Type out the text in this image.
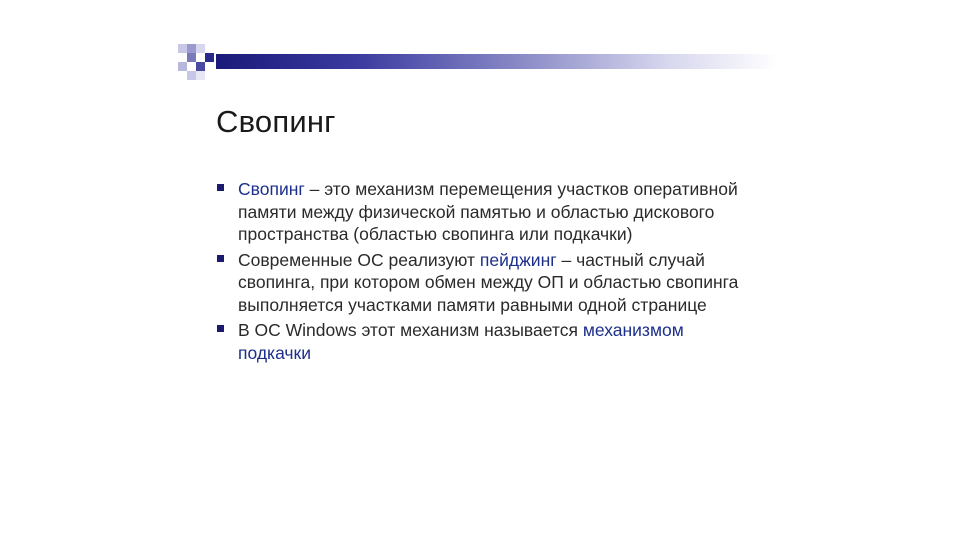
Свопинг
Свопинг – это механизм перемещения участков оперативной памяти между физической памятью и областью дискового пространства (областью свопинга или подкачки)
Современные ОС реализуют пейджинг – частный случай свопинга, при котором обмен между ОП и областью свопинга выполняется участками памяти равными одной странице
В ОС Windows этот механизм называется механизмом подкачки
